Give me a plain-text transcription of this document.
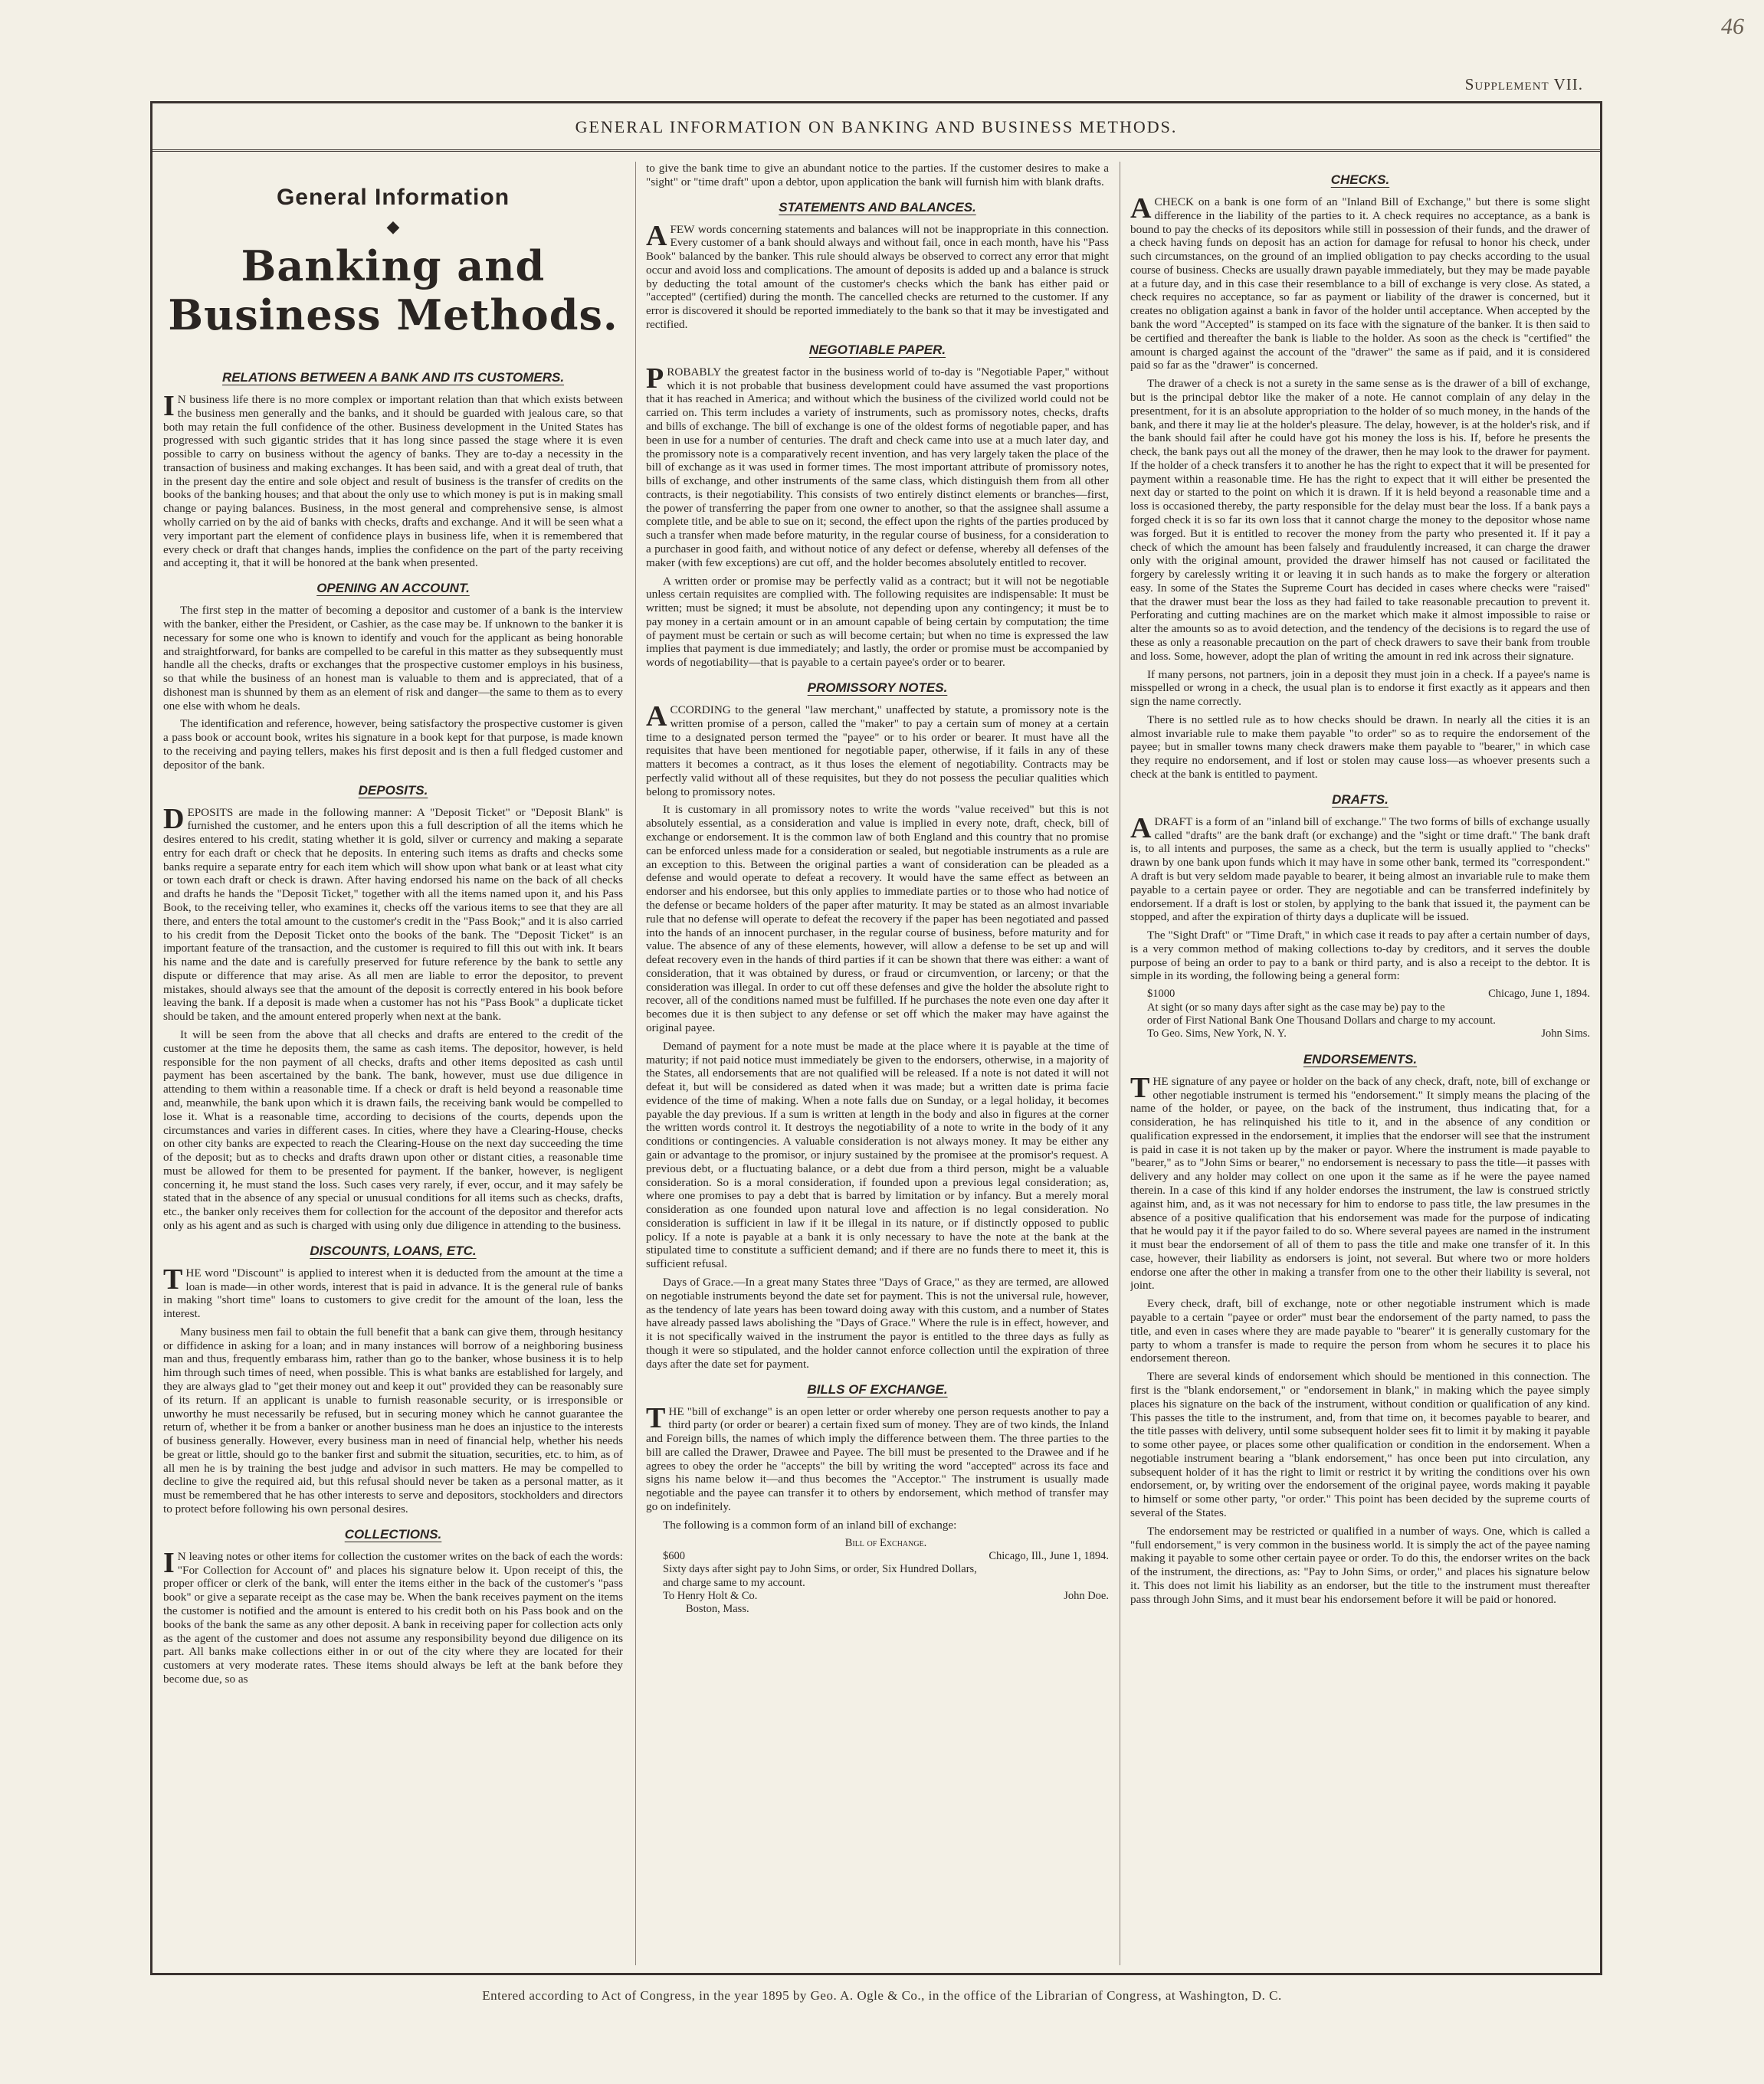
46
Supplement VII.
GENERAL INFORMATION ON BANKING AND BUSINESS METHODS.
General Information
◆
Banking and Business Methods.
RELATIONS BETWEEN A BANK AND ITS CUSTOMERS.

IN business life there is no more complex or important relation than that which exists between the business men generally and the banks, and it should be guarded with jealous care, so that both may retain the full confidence of the other. Business development in the United States has progressed with such gigantic strides that it has long since passed the stage where it is even possible to carry on business without the agency of banks. They are to-day a necessity in the transaction of business and making exchanges. It has been said, and with a great deal of truth, that in the present day the entire and sole object and result of business is the transfer of credits on the books of the banking houses; and that about the only use to which money is put is in making small change or paying balances. Business, in the most general and comprehensive sense, is almost wholly carried on by the aid of banks with checks, drafts and exchange. And it will be seen what a very important part the element of confidence plays in business life, when it is remembered that every check or draft that changes hands, implies the confidence on the part of the party receiving and accepting it, that it will be honored at the bank when presented.

OPENING AN ACCOUNT.

The first step in the matter of becoming a depositor and customer of a bank is the interview with the banker, either the President, or Cashier, as the case may be. If unknown to the banker it is necessary for some one who is known to identify and vouch for the applicant as being honorable and straightforward, for banks are compelled to be careful in this matter as they subsequently must handle all the checks, drafts or exchanges that the prospective customer employs in his business, so that while the business of an honest man is valuable to them and is appreciated, that of a dishonest man is shunned by them as an element of risk and danger—the same to them as to every one else with whom he deals.

The identification and reference, however, being satisfactory the prospective customer is given a pass book or account book, writes his signature in a book kept for that purpose, is made known to the receiving and paying tellers, makes his first deposit and is then a full fledged customer and depositor of the bank.

DEPOSITS.

DEPOSITS are made in the following manner: A "Deposit Ticket" or "Deposit Blank" is furnished the customer, and he enters upon this a full description of all the items which he desires entered to his credit, stating whether it is gold, silver or currency and making a separate entry for each draft or check that he deposits. In entering such items as drafts and checks some banks require a separate entry for each item which will show upon what bank or at least what city or town each draft or check is drawn. After having endorsed his name on the back of all checks and drafts he hands the "Deposit Ticket," together with all the items named upon it, and his Pass Book, to the receiving teller, who examines it, checks off the various items to see that they are all there, and enters the total amount to the customer's credit in the "Pass Book;" and it is also carried to his credit from the Deposit Ticket onto the books of the bank. The "Deposit Ticket" is an important feature of the transaction, and the customer is required to fill this out with ink. It bears his name and the date and is carefully preserved for future reference by the bank to settle any dispute or difference that may arise. As all men are liable to error the depositor, to prevent mistakes, should always see that the amount of the deposit is correctly entered in his book before leaving the bank. If a deposit is made when a customer has not his "Pass Book" a duplicate ticket should be taken, and the amount entered properly when next at the bank.

It will be seen from the above that all checks and drafts are entered to the credit of the customer at the time he deposits them, the same as cash items. The depositor, however, is held responsible for the non payment of all checks, drafts and other items deposited as cash until payment has been ascertained by the bank. The bank, however, must use due diligence in attending to them within a reasonable time. If a check or draft is held beyond a reasonable time and, meanwhile, the bank upon which it is drawn fails, the receiving bank would be compelled to lose it. What is a reasonable time, according to decisions of the courts, depends upon the circumstances and varies in different cases. In cities, where they have a Clearing-House, checks on other city banks are expected to reach the Clearing-House on the next day succeeding the time of the deposit; but as to checks and drafts drawn upon other or distant cities, a reasonable time must be allowed for them to be presented for payment. If the banker, however, is negligent concerning it, he must stand the loss. Such cases very rarely, if ever, occur, and it may safely be stated that in the absence of any special or unusual conditions for all items such as checks, drafts, etc., the banker only receives them for collection for the account of the depositor and therefor acts only as his agent and as such is charged with using only due diligence in attending to the business.

DISCOUNTS, LOANS, ETC.

THE word "Discount" is applied to interest when it is deducted from the amount at the time a loan is made—in other words, interest that is paid in advance. It is the general rule of banks in making "short time" loans to customers to give credit for the amount of the loan, less the interest.

Many business men fail to obtain the full benefit that a bank can give them, through hesitancy or diffidence in asking for a loan; and in many instances will borrow of a neighboring business man and thus, frequently embarass him, rather than go to the banker, whose business it is to help him through such times of need, when possible. This is what banks are established for largely, and they are always glad to "get their money out and keep it out" provided they can be reasonably sure of its return. If an applicant is unable to furnish reasonable security, or is irresponsible or unworthy he must necessarily be refused, but in securing money which he cannot guarantee the return of, whether it be from a banker or another business man he does an injustice to the interests of business generally. However, every business man in need of financial help, whether his needs be great or little, should go to the banker first and submit the situation, securities, etc. to him, as of all men he is by training the best judge and advisor in such matters. He may be compelled to decline to give the required aid, but this refusal should never be taken as a personal matter, as it must be remembered that he has other interests to serve and depositors, stockholders and directors to protect before following his own personal desires.

COLLECTIONS.

IN leaving notes or other items for collection the customer writes on the back of each the words: "For Collection for Account of" and places his signature below it. Upon receipt of this, the proper officer or clerk of the bank, will enter the items either in the back of the customer's "pass book" or give a separate receipt as the case may be. When the bank receives payment on the items the customer is notified and the amount is entered to his credit both on his Pass book and on the books of the bank the same as any other deposit. A bank in receiving paper for collection acts only as the agent of the customer and does not assume any responsibility beyond due diligence on its part. All banks make collections either in or out of the city where they are located for their customers at very moderate rates. These items should always be left at the bank before they become due, so as

to give the bank time to give an abundant notice to the parties. If the customer desires to make a "sight" or "time draft" upon a debtor, upon application the bank will furnish him with blank drafts.

STATEMENTS AND BALANCES.

AFEW words concerning statements and balances will not be inappropriate in this connection. Every customer of a bank should always and without fail, once in each month, have his "Pass Book" balanced by the banker. This rule should always be observed to correct any error that might occur and avoid loss and complications. The amount of deposits is added up and a balance is struck by deducting the total amount of the customer's checks which the bank has either paid or "accepted" (certified) during the month. The cancelled checks are returned to the customer. If any error is discovered it should be reported immediately to the bank so that it may be investigated and rectified.

NEGOTIABLE PAPER.

PROBABLY the greatest factor in the business world of to-day is "Negotiable Paper," without which it is not probable that business development could have assumed the vast proportions that it has reached in America; and without which the business of the civilized world could not be carried on. This term includes a variety of instruments, such as promissory notes, checks, drafts and bills of exchange. The bill of exchange is one of the oldest forms of negotiable paper, and has been in use for a number of centuries. The draft and check came into use at a much later day, and the promissory note is a comparatively recent invention, and has very largely taken the place of the bill of exchange as it was used in former times. The most important attribute of promissory notes, bills of exchange, and other instruments of the same class, which distinguish them from all other contracts, is their negotiability. This consists of two entirely distinct elements or branches—first, the power of transferring the paper from one owner to another, so that the assignee shall assume a complete title, and be able to sue on it; second, the effect upon the rights of the parties produced by such a transfer when made before maturity, in the regular course of business, for a consideration to a purchaser in good faith, and without notice of any defect or defense, whereby all defenses of the maker (with few exceptions) are cut off, and the holder becomes absolutely entitled to recover.

A written order or promise may be perfectly valid as a contract; but it will not be negotiable unless certain requisites are complied with. The following requisites are indispensable: It must be written; must be signed; it must be absolute, not depending upon any contingency; it must be to pay money in a certain amount or in an amount capable of being certain by computation; the time of payment must be certain or such as will become certain; but when no time is expressed the law implies that payment is due immediately; and lastly, the order or promise must be accompanied by words of negotiability—that is payable to a certain payee's order or to bearer.

PROMISSORY NOTES.

ACCORDING to the general "law merchant," unaffected by statute, a promissory note is the written promise of a person, called the "maker" to pay a certain sum of money at a certain time to a designated person termed the "payee" or to his order or bearer. It must have all the requisites that have been mentioned for negotiable paper, otherwise, if it fails in any of these matters it becomes a contract, as it thus loses the element of negotiability. Contracts may be perfectly valid without all of these requisites, but they do not possess the peculiar qualities which belong to promissory notes.

It is customary in all promissory notes to write the words "value received" but this is not absolutely essential, as a consideration and value is implied in every note, draft, check, bill of exchange or endorsement. It is the common law of both England and this country that no promise can be enforced unless made for a consideration or sealed, but negotiable instruments as a rule are an exception to this. Between the original parties a want of consideration can be pleaded as a defense and would operate to defeat a recovery. It would have the same effect as between an endorser and his endorsee, but this only applies to immediate parties or to those who had notice of the defense or became holders of the paper after maturity. It may be stated as an almost invariable rule that no defense will operate to defeat the recovery if the paper has been negotiated and passed into the hands of an innocent purchaser, in the regular course of business, before maturity and for value. The absence of any of these elements, however, will allow a defense to be set up and will defeat recovery even in the hands of third parties if it can be shown that there was either: a want of consideration, that it was obtained by duress, or fraud or circumvention, or larceny; or that the consideration was illegal. In order to cut off these defenses and give the holder the absolute right to recover, all of the conditions named must be fulfilled. If he purchases the note even one day after it becomes due it is then subject to any defense or set off which the maker may have against the original payee.

Demand of payment for a note must be made at the place where it is payable at the time of maturity; if not paid notice must immediately be given to the endorsers, otherwise, in a majority of the States, all endorsements that are not qualified will be released. If a note is not dated it will not defeat it, but will be considered as dated when it was made; but a written date is prima facie evidence of the time of making. When a note falls due on Sunday, or a legal holiday, it becomes payable the day previous. If a sum is written at length in the body and also in figures at the corner the written words control it. It destroys the negotiability of a note to write in the body of it any conditions or contingencies. A valuable consideration is not always money. It may be either any gain or advantage to the promisor, or injury sustained by the promisee at the promisor's request. A previous debt, or a fluctuating balance, or a debt due from a third person, might be a valuable consideration. So is a moral consideration, if founded upon a previous legal consideration; as, where one promises to pay a debt that is barred by limitation or by infancy. But a merely moral consideration as one founded upon natural love and affection is no legal consideration. No consideration is sufficient in law if it be illegal in its nature, or if distinctly opposed to public policy. If a note is payable at a bank it is only necessary to have the note at the bank at the stipulated time to constitute a sufficient demand; and if there are no funds there to meet it, this is sufficient refusal.

Days of Grace.—In a great many States three "Days of Grace," as they are termed, are allowed on negotiable instruments beyond the date set for payment. This is not the universal rule, however, as the tendency of late years has been toward doing away with this custom, and a number of States have already passed laws abolishing the "Days of Grace." Where the rule is in effect, however, and it is not specifically waived in the instrument the payor is entitled to the three days as fully as though it were so stipulated, and the holder cannot enforce collection until the expiration of three days after the date set for payment.

BILLS OF EXCHANGE.

THE "bill of exchange" is an open letter or order whereby one person requests another to pay a third party (or order or bearer) a certain fixed sum of money. They are of two kinds, the Inland and Foreign bills, the names of which imply the difference between them. The three parties to the bill are called the Drawer, Drawee and Payee. The bill must be presented to the Drawee and if he agrees to obey the order he "accepts" the bill by writing the word "accepted" across its face and signs his name below it—and thus becomes the "Acceptor." The instrument is usually made negotiable and the payee can transfer it to others by endorsement, which method of transfer may go on indefinitely.

The following is a common form of an inland bill of exchange:

Bill of Exchange.
$600	Chicago, Ill., June 1, 1894.
Sixty days after sight pay to John Sims, or order, Six Hundred Dollars,
and charge same to my account.
To Henry Holt & Co.	John Doe.
Boston, Mass.
CHECKS.

ACHECK on a bank is one form of an "Inland Bill of Exchange," but there is some slight difference in the liability of the parties to it. A check requires no acceptance, as a bank is bound to pay the checks of its depositors while still in possession of their funds, and the drawer of a check having funds on deposit has an action for damage for refusal to honor his check, under such circumstances, on the ground of an implied obligation to pay checks according to the usual course of business. Checks are usually drawn payable immediately, but they may be made payable at a future day, and in this case their resemblance to a bill of exchange is very close. As stated, a check requires no acceptance, so far as payment or liability of the drawer is concerned, but it creates no obligation against a bank in favor of the holder until acceptance. When accepted by the bank the word "Accepted" is stamped on its face with the signature of the banker. It is then said to be certified and thereafter the bank is liable to the holder. As soon as the check is "certified" the amount is charged against the account of the "drawer" the same as if paid, and it is considered paid so far as the "drawer" is concerned.

The drawer of a check is not a surety in the same sense as is the drawer of a bill of exchange, but is the principal debtor like the maker of a note. He cannot complain of any delay in the presentment, for it is an absolute appropriation to the holder of so much money, in the hands of the bank, and there it may lie at the holder's pleasure. The delay, however, is at the holder's risk, and if the bank should fail after he could have got his money the loss is his. If, before he presents the check, the bank pays out all the money of the drawer, then he may look to the drawer for payment. If the holder of a check transfers it to another he has the right to expect that it will be presented for payment within a reasonable time. He has the right to expect that it will either be presented the next day or started to the point on which it is drawn. If it is held beyond a reasonable time and a loss is occasioned thereby, the party responsible for the delay must bear the loss. If a bank pays a forged check it is so far its own loss that it cannot charge the money to the depositor whose name was forged. But it is entitled to recover the money from the party who presented it. If it pay a check of which the amount has been falsely and fraudulently increased, it can charge the drawer only with the original amount, provided the drawer himself has not caused or facilitated the forgery by carelessly writing it or leaving it in such hands as to make the forgery or alteration easy. In some of the States the Supreme Court has decided in cases where checks were "raised" that the drawer must bear the loss as they had failed to take reasonable precaution to prevent it. Perforating and cutting machines are on the market which make it almost impossible to raise or alter the amounts so as to avoid detection, and the tendency of the decisions is to regard the use of these as only a reasonable precaution on the part of check drawers to save their bank from trouble and loss. Some, however, adopt the plan of writing the amount in red ink across their signature.

If many persons, not partners, join in a deposit they must join in a check. If a payee's name is misspelled or wrong in a check, the usual plan is to endorse it first exactly as it appears and then sign the name correctly.

There is no settled rule as to how checks should be drawn. In nearly all the cities it is an almost invariable rule to make them payable "to order" so as to require the endorsement of the payee; but in smaller towns many check drawers make them payable to "bearer," in which case they require no endorsement, and if lost or stolen may cause loss—as whoever presents such a check at the bank is entitled to payment.

DRAFTS.

ADRAFT is a form of an "inland bill of exchange." The two forms of bills of exchange usually called "drafts" are the bank draft (or exchange) and the "sight or time draft." The bank draft is, to all intents and purposes, the same as a check, but the term is usually applied to "checks" drawn by one bank upon funds which it may have in some other bank, termed its "correspondent." A draft is but very seldom made payable to bearer, it being almost an invariable rule to make them payable to a certain payee or order. They are negotiable and can be transferred indefinitely by endorsement. If a draft is lost or stolen, by applying to the bank that issued it, the payment can be stopped, and after the expiration of thirty days a duplicate will be issued.

The "Sight Draft" or "Time Draft," in which case it reads to pay after a certain number of days, is a very common method of making collections to-day by creditors, and it serves the double purpose of being an order to pay to a bank or third party, and is also a receipt to the debtor. It is simple in its wording, the following being a general form:

$1000	Chicago, June 1, 1894.
At sight (or so many days after sight as the case may be) pay to the
order of First National Bank One Thousand Dollars and charge to my account.
To Geo. Sims, New York, N. Y.	John Sims.
ENDORSEMENTS.

THE signature of any payee or holder on the back of any check, draft, note, bill of exchange or other negotiable instrument is termed his "endorsement." It simply means the placing of the name of the holder, or payee, on the back of the instrument, thus indicating that, for a consideration, he has relinquished his title to it, and in the absence of any condition or qualification expressed in the endorsement, it implies that the endorser will see that the instrument is paid in case it is not taken up by the maker or payor. Where the instrument is made payable to "bearer," as to "John Sims or bearer," no endorsement is necessary to pass the title—it passes with delivery and any holder may collect on one upon it the same as if he were the payee named therein. In a case of this kind if any holder endorses the instrument, the law is construed strictly against him, and, as it was not necessary for him to endorse to pass title, the law presumes in the absence of a positive qualification that his endorsement was made for the purpose of indicating that he would pay it if the payor failed to do so. Where several payees are named in the instrument it must bear the endorsement of all of them to pass the title and make one transfer of it. In this case, however, their liability as endorsers is joint, not several. But where two or more holders endorse one after the other in making a transfer from one to the other their liability is several, not joint.

Every check, draft, bill of exchange, note or other negotiable instrument which is made payable to a certain "payee or order" must bear the endorsement of the party named, to pass the title, and even in cases where they are made payable to "bearer" it is generally customary for the party to whom a transfer is made to require the person from whom he secures it to place his endorsement thereon.

There are several kinds of endorsement which should be mentioned in this connection. The first is the "blank endorsement," or "endorsement in blank," in making which the payee simply places his signature on the back of the instrument, without condition or qualification of any kind. This passes the title to the instrument, and, from that time on, it becomes payable to bearer, and the title passes with delivery, until some subsequent holder sees fit to limit it by making it payable to some other payee, or places some other qualification or condition in the endorsement. When a negotiable instrument bearing a "blank endorsement," has once been put into circulation, any subsequent holder of it has the right to limit or restrict it by writing the conditions over his own endorsement, or, by writing over the endorsement of the original payee, words making it payable to himself or some other party, "or order." This point has been decided by the supreme courts of several of the States.

The endorsement may be restricted or qualified in a number of ways. One, which is called a "full endorsement," is very common in the business world. It is simply the act of the payee naming making it payable to some other certain payee or order. To do this, the endorser writes on the back of the instrument, the directions, as: "Pay to John Sims, or order," and places his signature below it. This does not limit his liability as an endorser, but the title to the instrument must thereafter pass through John Sims, and it must bear his endorsement before it will be paid or honored.

Entered according to Act of Congress, in the year 1895 by Geo. A. Ogle & Co., in the office of the Librarian of Congress, at Washington, D. C.
